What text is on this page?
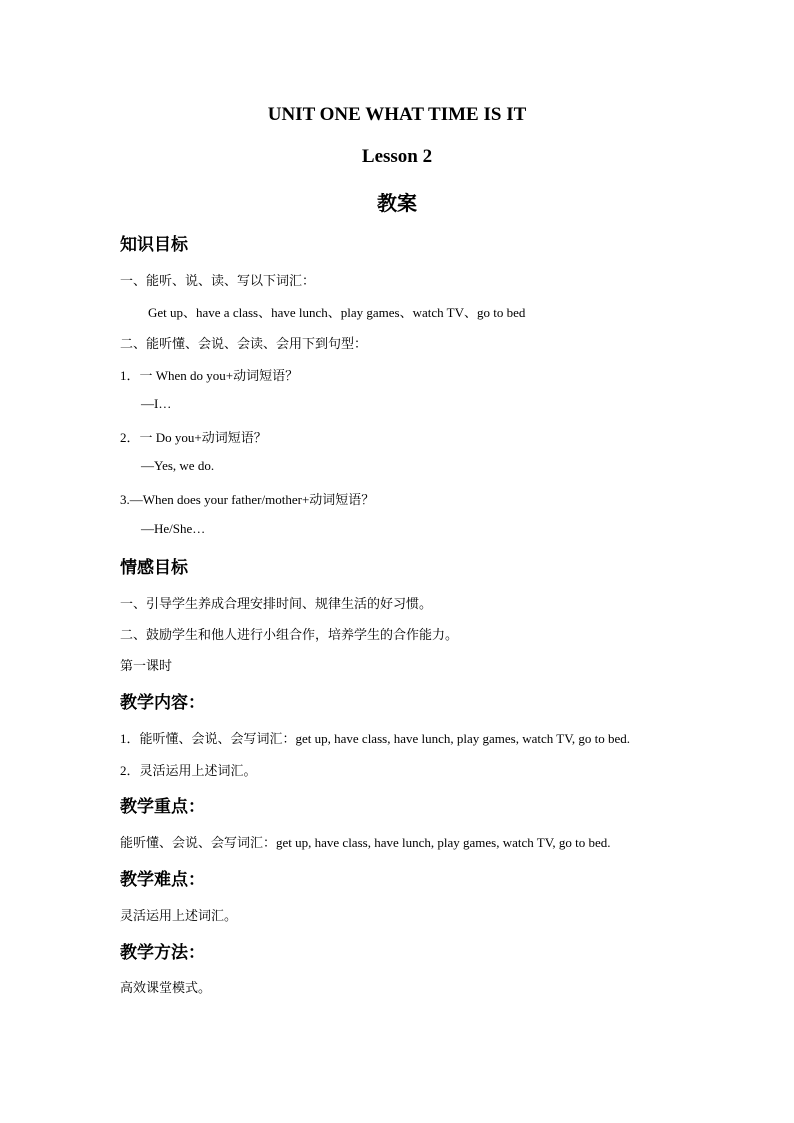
UNIT ONE WHAT TIME IS IT
Lesson 2
教案
知识目标
一、能听、说、读、写以下词汇：
Get up、have a class、have lunch、play games、watch TV、go to bed
二、能听懂、会说、会读、会用下到句型：
1．一 When do you+动词短语？
—I…
2．一 Do you+动词短语？
—Yes, we do.
3.—When does your father/mother+动词短语？
—He/She…
情感目标
一、引导学生养成合理安排时间、规律生活的好习惯。
二、鼓励学生和他人进行小组合作，培养学生的合作能力。
第一课时
教学内容：
1．能听懂、会说、会写词汇：get up, have class, have lunch, play games, watch TV, go to bed.
2．灵活运用上述词汇。
教学重点：
能听懂、会说、会写词汇：get up, have class, have lunch, play games, watch TV, go to bed.
教学难点：
灵活运用上述词汇。
教学方法：
高效课堂模式。
